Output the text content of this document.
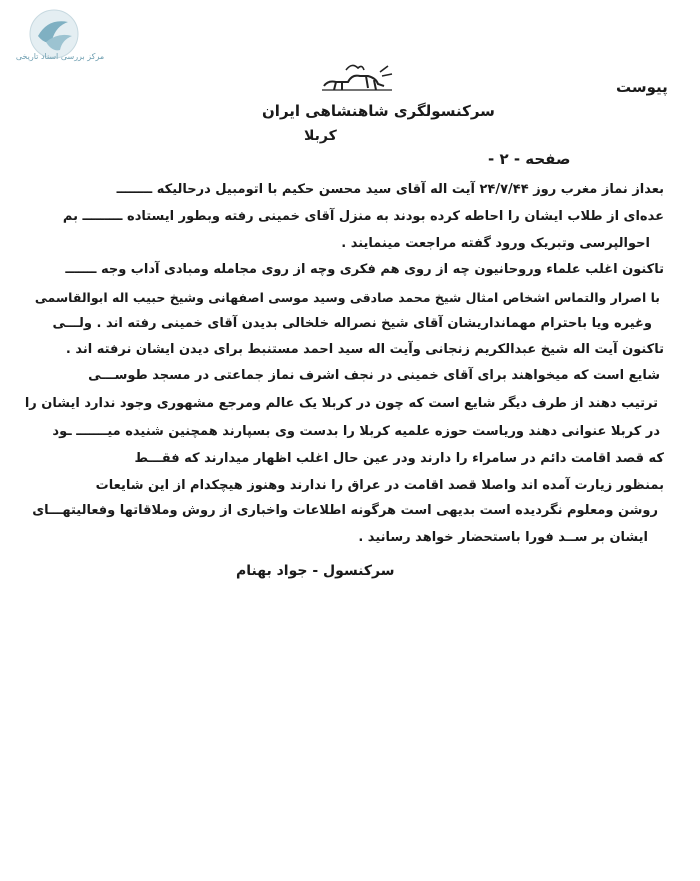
مرکز بررسی اسناد تاریخی
پیوست
سرکنسولگری شاهنشاهی ایران
کربلا
صفحه - ۲ -
بعداز نماز مغرب روز ۲۴/۷/۴۴ آیت اله آقای سید محسن حکیم با اتومبیل درحالیکه ــــــــ
عده‌ای از طلاب ایشان را احاطه کرده بودند به منزل آقای خمینی رفته وبطور ایستاده ـــــــــ بم
احوالپرسی وتبریک ورود گفته مراجعت مینمایند .
تاکنون اغلب علماء وروحانیون چه از روی هم فکری وچه از روی مجامله ومبادی آداب وجه ـــــــ
با اصرار والتماس اشخاص امثال شیخ محمد صادقی وسید موسی اصفهانی وشیخ حبیب اله ابوالقاسمی
وغیره ویا باحترام مهمانداریشان آقای شیخ نصراله خلخالی بدیدن آقای خمینی رفته اند . ولـــی
تاکنون آیت اله شیخ عبدالکریم زنجانی وآیت اله سید احمد مستنبط برای دیدن ایشان نرفته اند .
شایع است که میخواهند برای آقای خمینی در نجف اشرف نماز جماعتی در مسجد طوســـی
ترتیب دهند از طرف دیگر شایع است که چون در کربلا یک عالم ومرجع مشهوری وجود ندارد ایشان را
در کربلا عنوانی دهند وریاست حوزه علمیه کربلا را بدست وی بسپارند همچنین شنیده میـــــــ ـود
که قصد اقامت دائم در سامراء را دارند ودر عین حال اغلب اظهار میدارند که فقـــط
بمنظور زیارت آمده اند واصلا قصد اقامت در عراق را ندارند وهنوز هیچکدام از این شایعات
روشن ومعلوم نگردیده است بدیهی است هرگونه اطلاعات واخباری از روش وملاقاتها وفعالیتهـــای
ایشان بر ســد فورا باستحضار خواهد رسانید .
سرکنسول - جواد بهنام
